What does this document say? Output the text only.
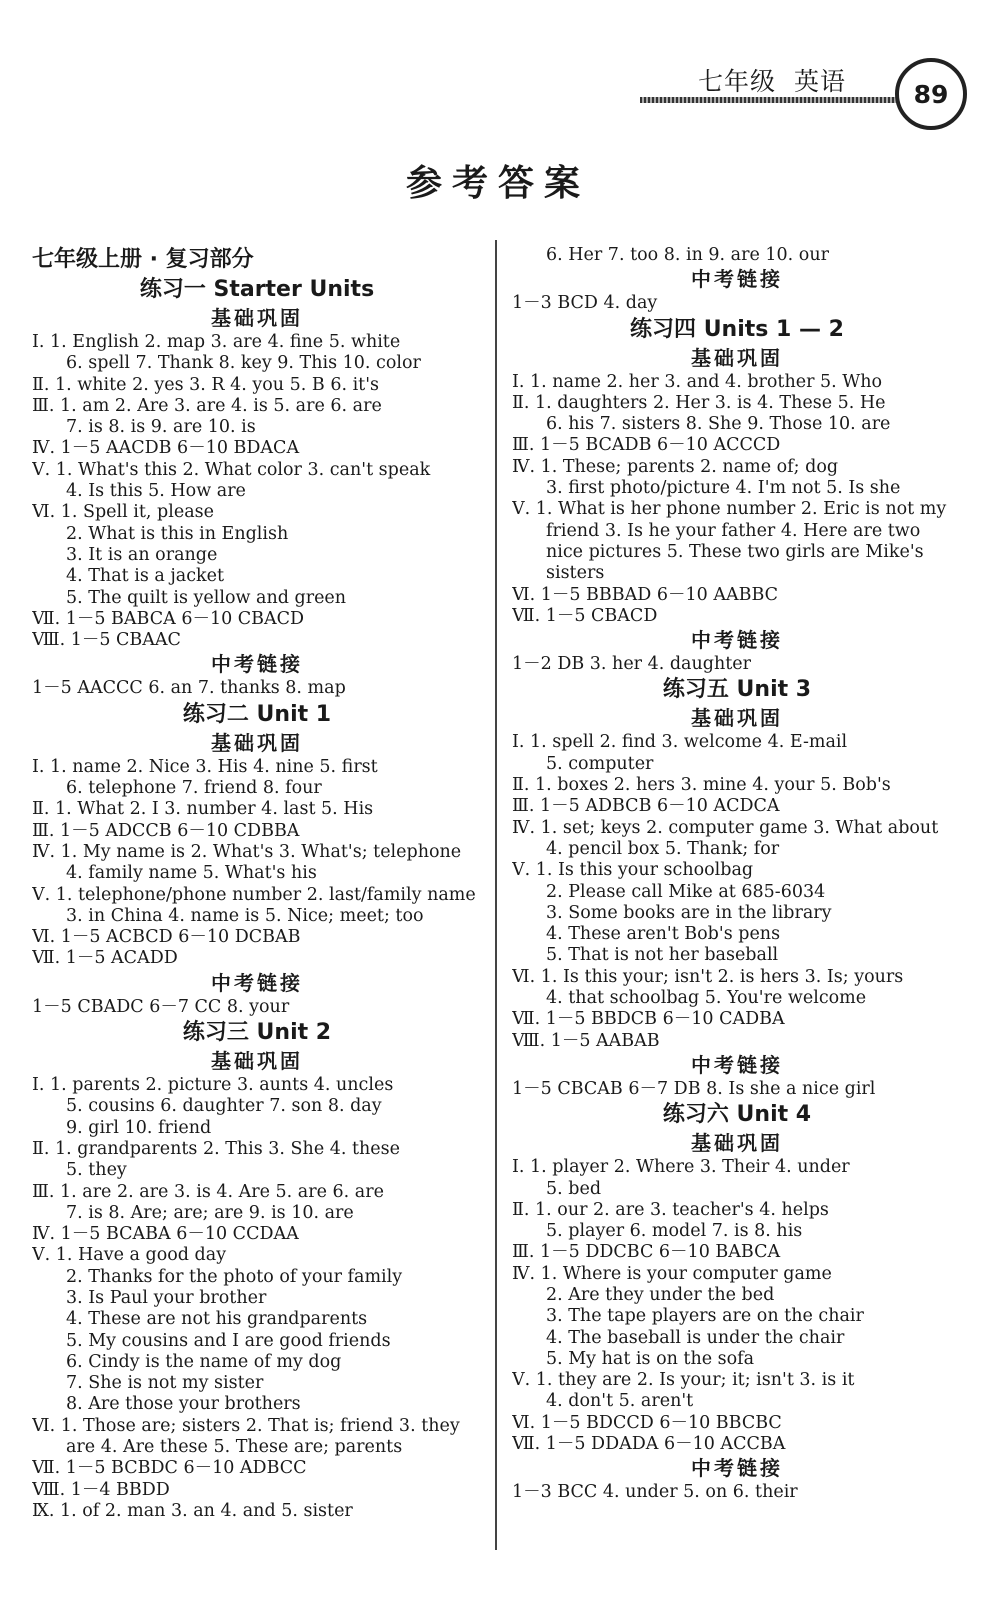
七年级 英语	89
参考答案
七年级上册 · 复习部分
练习一 Starter Units
基础巩固
Ⅰ. 1. English 2. map 3. are 4. fine 5. white
6. spell 7. Thank 8. key 9. This 10. color
Ⅱ. 1. white 2. yes 3. R 4. you 5. B 6. it's
Ⅲ. 1. am 2. Are 3. are 4. is 5. are 6. are
7. is 8. is 9. are 10. is
Ⅳ. 1－5 AACDB 6－10 BDACA
Ⅴ. 1. What's this 2. What color 3. can't speak
4. Is this 5. How are
Ⅵ. 1. Spell it, please
2. What is this in English
3. It is an orange
4. That is a jacket
5. The quilt is yellow and green
Ⅶ. 1－5 BABCA 6－10 CBACD
Ⅷ. 1－5 CBAAC
中考链接
1－5 AACCC 6. an 7. thanks 8. map
练习二 Unit 1
基础巩固
Ⅰ. 1. name 2. Nice 3. His 4. nine 5. first
6. telephone 7. friend 8. four
Ⅱ. 1. What 2. I 3. number 4. last 5. His
Ⅲ. 1－5 ADCCB 6－10 CDBBA
Ⅳ. 1. My name is 2. What's 3. What's; telephone
4. family name 5. What's his
Ⅴ. 1. telephone/phone number 2. last/family name
3. in China 4. name is 5. Nice; meet; too
Ⅵ. 1－5 ACBCD 6－10 DCBAB
Ⅶ. 1－5 ACADD
中考链接
1－5 CBADC 6－7 CC 8. your
练习三 Unit 2
基础巩固
Ⅰ. 1. parents 2. picture 3. aunts 4. uncles
5. cousins 6. daughter 7. son 8. day
9. girl 10. friend
Ⅱ. 1. grandparents 2. This 3. She 4. these
5. they
Ⅲ. 1. are 2. are 3. is 4. Are 5. are 6. are
7. is 8. Are; are; are 9. is 10. are
Ⅳ. 1－5 BCABA 6－10 CCDAA
Ⅴ. 1. Have a good day
2. Thanks for the photo of your family
3. Is Paul your brother
4. These are not his grandparents
5. My cousins and I are good friends
6. Cindy is the name of my dog
7. She is not my sister
8. Are those your brothers
Ⅵ. 1. Those are; sisters 2. That is; friend 3. they
are 4. Are these 5. These are; parents
Ⅶ. 1－5 BCBDC 6－10 ADBCC
Ⅷ. 1－4 BBDD
Ⅸ. 1. of 2. man 3. an 4. and 5. sister
6. Her 7. too 8. in 9. are 10. our
中考链接
1－3 BCD 4. day
练习四 Units 1 — 2
基础巩固
Ⅰ. 1. name 2. her 3. and 4. brother 5. Who
Ⅱ. 1. daughters 2. Her 3. is 4. These 5. He
6. his 7. sisters 8. She 9. Those 10. are
Ⅲ. 1－5 BCADB 6－10 ACCCD
Ⅳ. 1. These; parents 2. name of; dog
3. first photo/picture 4. I'm not 5. Is she
Ⅴ. 1. What is her phone number 2. Eric is not my
friend 3. Is he your father 4. Here are two
nice pictures 5. These two girls are Mike's
sisters
Ⅵ. 1－5 BBBAD 6－10 AABBC
Ⅶ. 1－5 CBACD
中考链接
1－2 DB 3. her 4. daughter
练习五 Unit 3
基础巩固
Ⅰ. 1. spell 2. find 3. welcome 4. E-mail
5. computer
Ⅱ. 1. boxes 2. hers 3. mine 4. your 5. Bob's
Ⅲ. 1－5 ADBCB 6－10 ACDCA
Ⅳ. 1. set; keys 2. computer game 3. What about
4. pencil box 5. Thank; for
Ⅴ. 1. Is this your schoolbag
2. Please call Mike at 685-6034
3. Some books are in the library
4. These aren't Bob's pens
5. That is not her baseball
Ⅵ. 1. Is this your; isn't 2. is hers 3. Is; yours
4. that schoolbag 5. You're welcome
Ⅶ. 1－5 BBDCB 6－10 CADBA
Ⅷ. 1－5 AABAB
中考链接
1－5 CBCAB 6－7 DB 8. Is she a nice girl
练习六 Unit 4
基础巩固
Ⅰ. 1. player 2. Where 3. Their 4. under
5. bed
Ⅱ. 1. our 2. are 3. teacher's 4. helps
5. player 6. model 7. is 8. his
Ⅲ. 1－5 DDCBC 6－10 BABCA
Ⅳ. 1. Where is your computer game
2. Are they under the bed
3. The tape players are on the chair
4. The baseball is under the chair
5. My hat is on the sofa
Ⅴ. 1. they are 2. Is your; it; isn't 3. is it
4. don't 5. aren't
Ⅵ. 1－5 BDCCD 6－10 BBCBC
Ⅶ. 1－5 DDADA 6－10 ACCBA
中考链接
1－3 BCC 4. under 5. on 6. their
